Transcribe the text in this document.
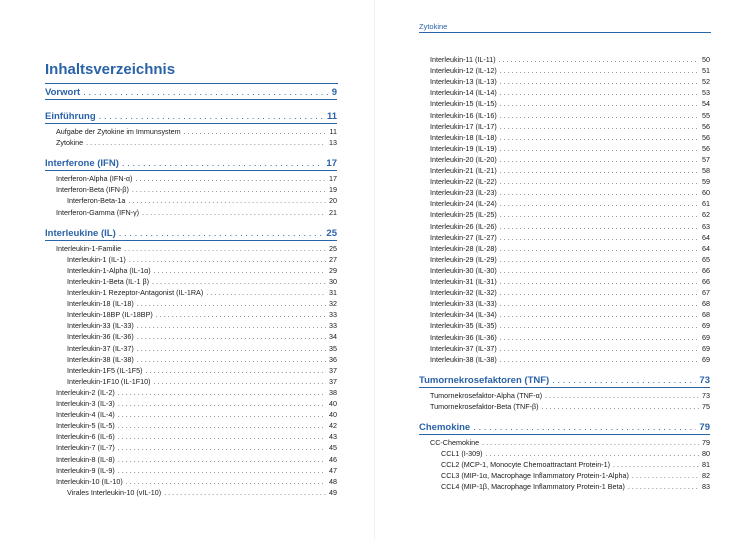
Inhaltsverzeichnis
Vorwort . . .	9
Einführung . . .	11
Aufgabe der Zytokine im Immunsystem . . .	11
Zytokine . . .	13
Interferone (IFN) . . .	17
Interferon-Alpha (IFN-α) . . .	17
Interferon-Beta (IFN-β) . . .	19
Interferon-Beta-1a . . .	20
Interferon-Gamma (IFN-γ) . . .	21
Interleukine (IL) . . .	25
Interleukin-1-Familie . . .	25
Interleukin-1 (IL-1) . . .	27
Interleukin-1-Alpha (IL-1α) . . .	29
Interleukin-1-Beta (IL-1 β) . . .	30
Interleukin-1 Rezeptor-Antagonist (IL-1RA) . . .	31
Interleukin-18 (IL-18) . . .	32
Interleukin-18BP (IL-18BP) . . .	33
Interleukin-33 (IL-33) . . .	33
Interleukin-36 (IL-36) . . .	34
Interleukin-37 (IL-37) . . .	35
Interleukin-38 (IL-38) . . .	36
Interleukin-1F5 (IL-1F5) . . .	37
Interleukin-1F10 (IL-1F10) . . .	37
Interleukin-2 (IL-2) . . .	38
Interleukin-3 (IL-3) . . .	40
Interleukin-4 (IL-4) . . .	40
Interleukin-5 (IL-5) . . .	42
Interleukin-6 (IL-6) . . .	43
Interleukin-7 (IL-7) . . .	45
Interleukin-8 (IL-8) . . .	46
Interleukin-9 (IL-9) . . .	47
Interleukin-10 (IL-10) . . .	48
Virales Interleukin-10 (vIL-10) . . .	49
Zytokine
Interleukin-11 (IL-11) . . .	50
Interleukin-12 (IL-12) . . .	51
Interleukin-13 (IL-13) . . .	52
Interleukin-14 (IL-14) . . .	53
Interleukin-15 (IL-15) . . .	54
Interleukin-16 (IL-16) . . .	55
Interleukin-17 (IL-17) . . .	56
Interleukin-18 (IL-18) . . .	56
Interleukin-19 (IL-19) . . .	56
Interleukin-20 (IL-20) . . .	57
Interleukin-21 (IL-21) . . .	58
Interleukin-22 (IL-22) . . .	59
Interleukin-23 (IL-23) . . .	60
Interleukin-24 (IL-24) . . .	61
Interleukin-25 (IL-25) . . .	62
Interleukin-26 (IL-26) . . .	63
Interleukin-27 (IL-27) . . .	64
Interleukin-28 (IL-28) . . .	64
Interleukin-29 (IL-29) . . .	65
Interleukin-30 (IL-30) . . .	66
Interleukin-31 (IL-31) . . .	66
Interleukin-32 (IL-32) . . .	67
Interleukin-33 (IL-33) . . .	68
Interleukin-34 (IL-34) . . .	68
Interleukin-35 (IL-35) . . .	69
Interleukin-36 (IL-36) . . .	69
Interleukin-37 (IL-37) . . .	69
Interleukin-38 (IL-38) . . .	69
Tumornekrosefaktoren (TNF) . . .	73
Tumornekrosefaktor-Alpha (TNF-α) . . .	73
Tumornekrosefaktor-Beta (TNF-β) . . .	75
Chemokine . . .	79
CC-Chemokine . . .	79
CCL1 (I-309) . . .	80
CCL2 (MCP-1, Monocyte Chemoattractant Protein-1) . . .	81
CCL3 (MIP-1α, Macrophage Inflammatory Protein-1-Alpha) . . .	82
CCL4 (MIP-1β, Macrophage Inflammatory Protein-1 Beta) . . .	83
